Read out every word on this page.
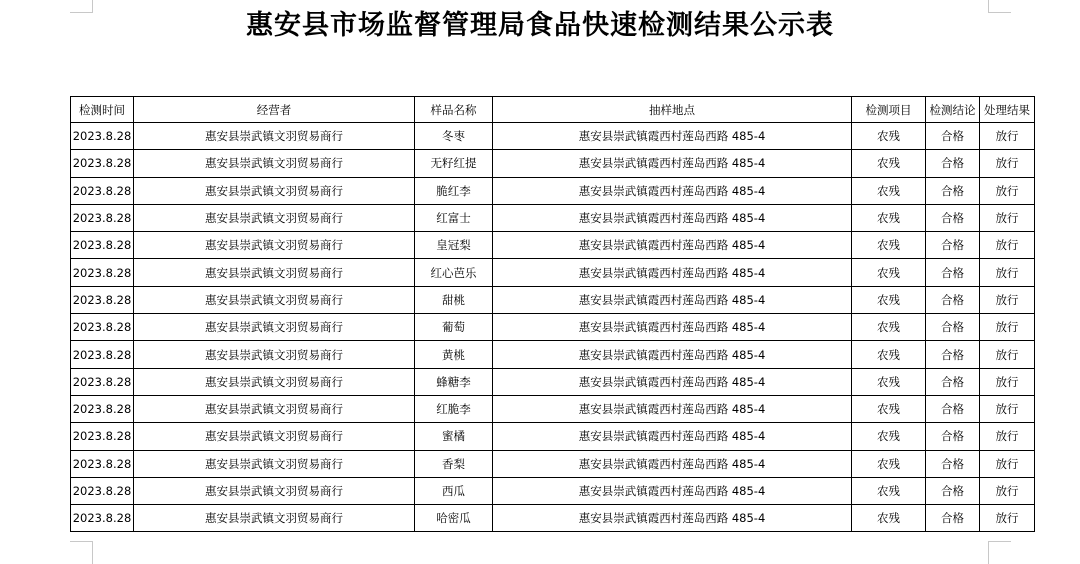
惠安县市场监督管理局食品快速检测结果公示表
检测时间	经营者	样品名称	抽样地点	检测项目	检测结论	处理结果
2023.8.28	惠安县崇武镇文羽贸易商行	冬枣	惠安县崇武镇霞西村莲岛西路 485-4	农残	合格	放行
2023.8.28	惠安县崇武镇文羽贸易商行	无籽红提	惠安县崇武镇霞西村莲岛西路 485-4	农残	合格	放行
2023.8.28	惠安县崇武镇文羽贸易商行	脆红李	惠安县崇武镇霞西村莲岛西路 485-4	农残	合格	放行
2023.8.28	惠安县崇武镇文羽贸易商行	红富士	惠安县崇武镇霞西村莲岛西路 485-4	农残	合格	放行
2023.8.28	惠安县崇武镇文羽贸易商行	皇冠梨	惠安县崇武镇霞西村莲岛西路 485-4	农残	合格	放行
2023.8.28	惠安县崇武镇文羽贸易商行	红心芭乐	惠安县崇武镇霞西村莲岛西路 485-4	农残	合格	放行
2023.8.28	惠安县崇武镇文羽贸易商行	甜桃	惠安县崇武镇霞西村莲岛西路 485-4	农残	合格	放行
2023.8.28	惠安县崇武镇文羽贸易商行	葡萄	惠安县崇武镇霞西村莲岛西路 485-4	农残	合格	放行
2023.8.28	惠安县崇武镇文羽贸易商行	黄桃	惠安县崇武镇霞西村莲岛西路 485-4	农残	合格	放行
2023.8.28	惠安县崇武镇文羽贸易商行	蜂糖李	惠安县崇武镇霞西村莲岛西路 485-4	农残	合格	放行
2023.8.28	惠安县崇武镇文羽贸易商行	红脆李	惠安县崇武镇霞西村莲岛西路 485-4	农残	合格	放行
2023.8.28	惠安县崇武镇文羽贸易商行	蜜橘	惠安县崇武镇霞西村莲岛西路 485-4	农残	合格	放行
2023.8.28	惠安县崇武镇文羽贸易商行	香梨	惠安县崇武镇霞西村莲岛西路 485-4	农残	合格	放行
2023.8.28	惠安县崇武镇文羽贸易商行	西瓜	惠安县崇武镇霞西村莲岛西路 485-4	农残	合格	放行
2023.8.28	惠安县崇武镇文羽贸易商行	哈密瓜	惠安县崇武镇霞西村莲岛西路 485-4	农残	合格	放行
